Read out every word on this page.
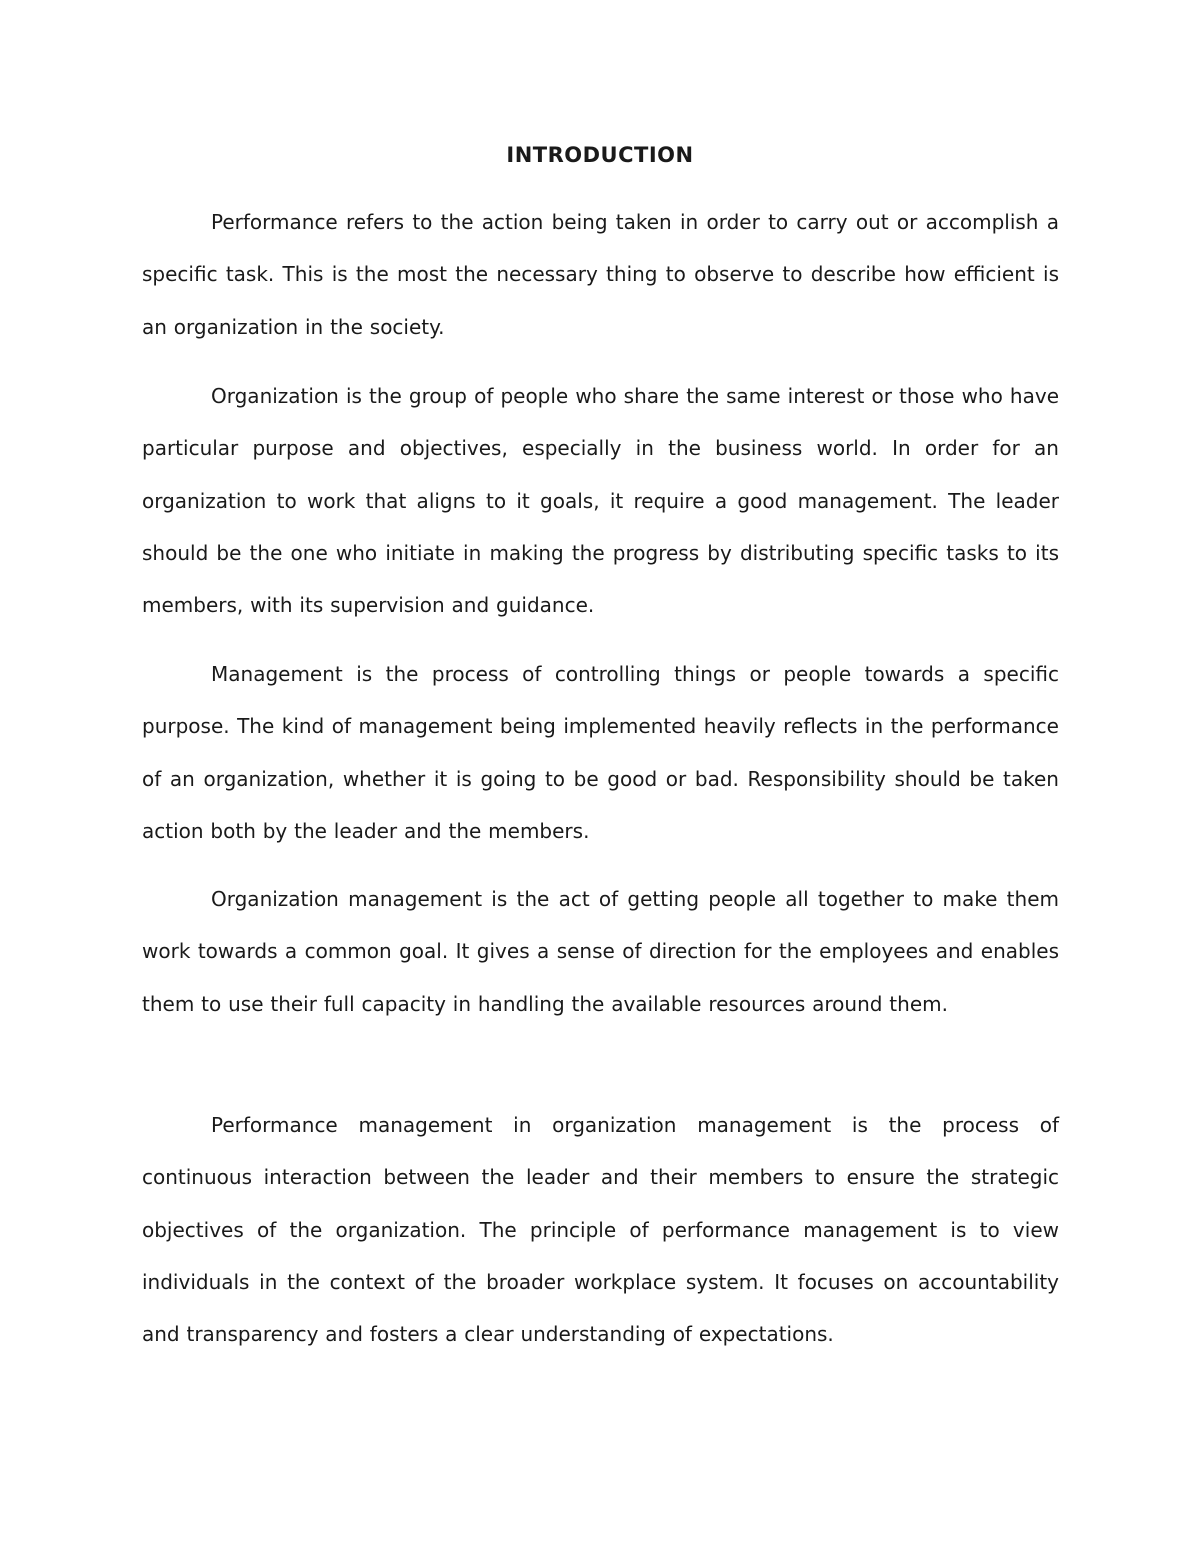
INTRODUCTION

Performance refers to the action being taken in order to carry out or accomplish a specific task. This is the most the necessary thing to observe to describe how efficient is an organization in the society.

Organization is the group of people who share the same interest or those who have particular purpose and objectives, especially in the business world. In order for an organization to work that aligns to it goals, it require a good management. The leader should be the one who initiate in making the progress by distributing specific tasks to its members, with its supervision and guidance.

Management is the process of controlling things or people towards a specific purpose. The kind of management being implemented heavily reflects in the performance of an organization, whether it is going to be good or bad. Responsibility should be taken action both by the leader and the members.

Organization management is the act of getting people all together to make them work towards a common goal. It gives a sense of direction for the employees and enables them to use their full capacity in handling the available resources around them.

Performance management in organization management is the process of continuous interaction between the leader and their members to ensure the strategic objectives of the organization. The principle of performance management is to view individuals in the context of the broader workplace system. It focuses on accountability and transparency and fosters a clear understanding of expectations.
